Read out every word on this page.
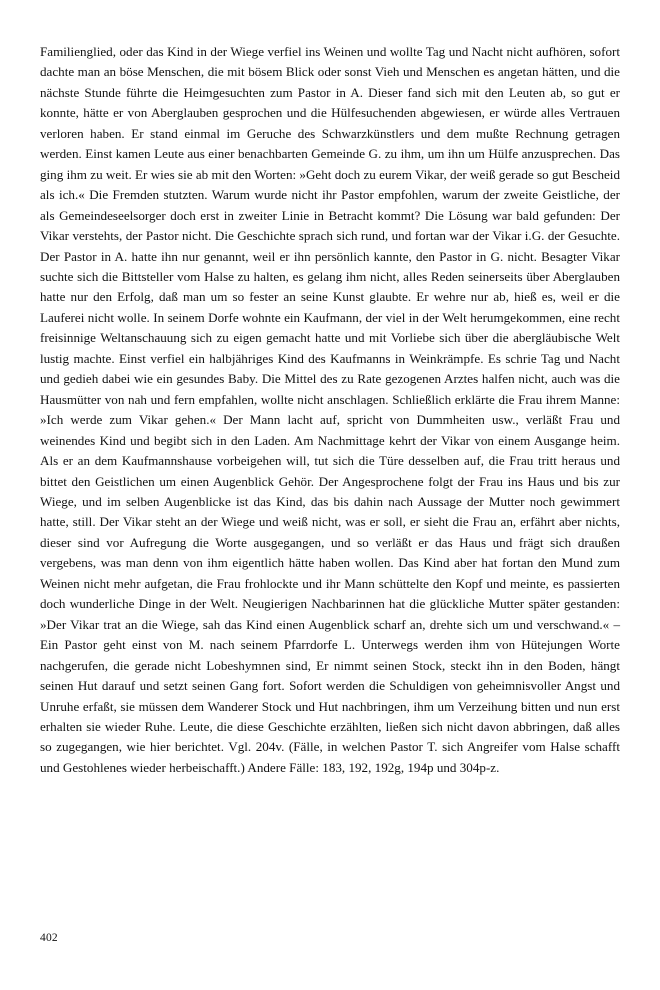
Familienglied, oder das Kind in der Wiege verfiel ins Weinen und wollte Tag und Nacht nicht aufhören, sofort dachte man an böse Menschen, die mit bösem Blick oder sonst Vieh und Menschen es angetan hätten, und die nächste Stunde führte die Heimgesuchten zum Pastor in A. Dieser fand sich mit den Leuten ab, so gut er konnte, hätte er von Aberglauben gesprochen und die Hülfesuchenden abgewiesen, er würde alles Vertrauen verloren haben. Er stand einmal im Geruche des Schwarzkünstlers und dem mußte Rechnung getragen werden. Einst kamen Leute aus einer benachbarten Gemeinde G. zu ihm, um ihn um Hülfe anzusprechen. Das ging ihm zu weit. Er wies sie ab mit den Worten: »Geht doch zu eurem Vikar, der weiß gerade so gut Bescheid als ich.« Die Fremden stutzten. Warum wurde nicht ihr Pastor empfohlen, warum der zweite Geistliche, der als Gemeindeseelsorger doch erst in zweiter Linie in Betracht kommt? Die Lösung war bald gefunden: Der Vikar verstehts, der Pastor nicht. Die Geschichte sprach sich rund, und fortan war der Vikar i.G. der Gesuchte. Der Pastor in A. hatte ihn nur genannt, weil er ihn persönlich kannte, den Pastor in G. nicht. Besagter Vikar suchte sich die Bittsteller vom Halse zu halten, es gelang ihm nicht, alles Reden seinerseits über Aberglauben hatte nur den Erfolg, daß man um so fester an seine Kunst glaubte. Er wehre nur ab, hieß es, weil er die Lauferei nicht wolle. In seinem Dorfe wohnte ein Kaufmann, der viel in der Welt herumgekommen, eine recht freisinnige Weltanschauung sich zu eigen gemacht hatte und mit Vorliebe sich über die abergläubische Welt lustig machte. Einst verfiel ein halbjähriges Kind des Kaufmanns in Weinkrämpfe. Es schrie Tag und Nacht und gedieh dabei wie ein gesundes Baby. Die Mittel des zu Rate gezogenen Arztes halfen nicht, auch was die Hausmütter von nah und fern empfahlen, wollte nicht anschlagen. Schließlich erklärte die Frau ihrem Manne: »Ich werde zum Vikar gehen.« Der Mann lacht auf, spricht von Dummheiten usw., verläßt Frau und weinendes Kind und begibt sich in den Laden. Am Nachmittage kehrt der Vikar von einem Ausgange heim. Als er an dem Kaufmannshause vorbeigehen will, tut sich die Türe desselben auf, die Frau tritt heraus und bittet den Geistlichen um einen Augenblick Gehör. Der Angesprochene folgt der Frau ins Haus und bis zur Wiege, und im selben Augenblicke ist das Kind, das bis dahin nach Aussage der Mutter noch gewimmert hatte, still. Der Vikar steht an der Wiege und weiß nicht, was er soll, er sieht die Frau an, erfährt aber nichts, dieser sind vor Aufregung die Worte ausgegangen, und so verläßt er das Haus und frägt sich draußen vergebens, was man denn von ihm eigentlich hätte haben wollen. Das Kind aber hat fortan den Mund zum Weinen nicht mehr aufgetan, die Frau frohlockte und ihr Mann schüttelte den Kopf und meinte, es passierten doch wunderliche Dinge in der Welt. Neugierigen Nachbarinnen hat die glückliche Mutter später gestanden: »Der Vikar trat an die Wiege, sah das Kind einen Augenblick scharf an, drehte sich um und verschwand.« – Ein Pastor geht einst von M. nach seinem Pfarrdorfe L. Unterwegs werden ihm von Hütejungen Worte nachgerufen, die gerade nicht Lobeshymnen sind, Er nimmt seinen Stock, steckt ihn in den Boden, hängt seinen Hut darauf und setzt seinen Gang fort. Sofort werden die Schuldigen von geheimnisvoller Angst und Unruhe erfaßt, sie müssen dem Wanderer Stock und Hut nachbringen, ihm um Verzeihung bitten und nun erst erhalten sie wieder Ruhe. Leute, die diese Geschichte erzählten, ließen sich nicht davon abbringen, daß alles so zugegangen, wie hier berichtet. Vgl. 204v. (Fälle, in welchen Pastor T. sich Angreifer vom Halse schafft und Gestohlenes wieder herbeischafft.) Andere Fälle: 183, 192, 192g, 194p und 304p-z.

402
